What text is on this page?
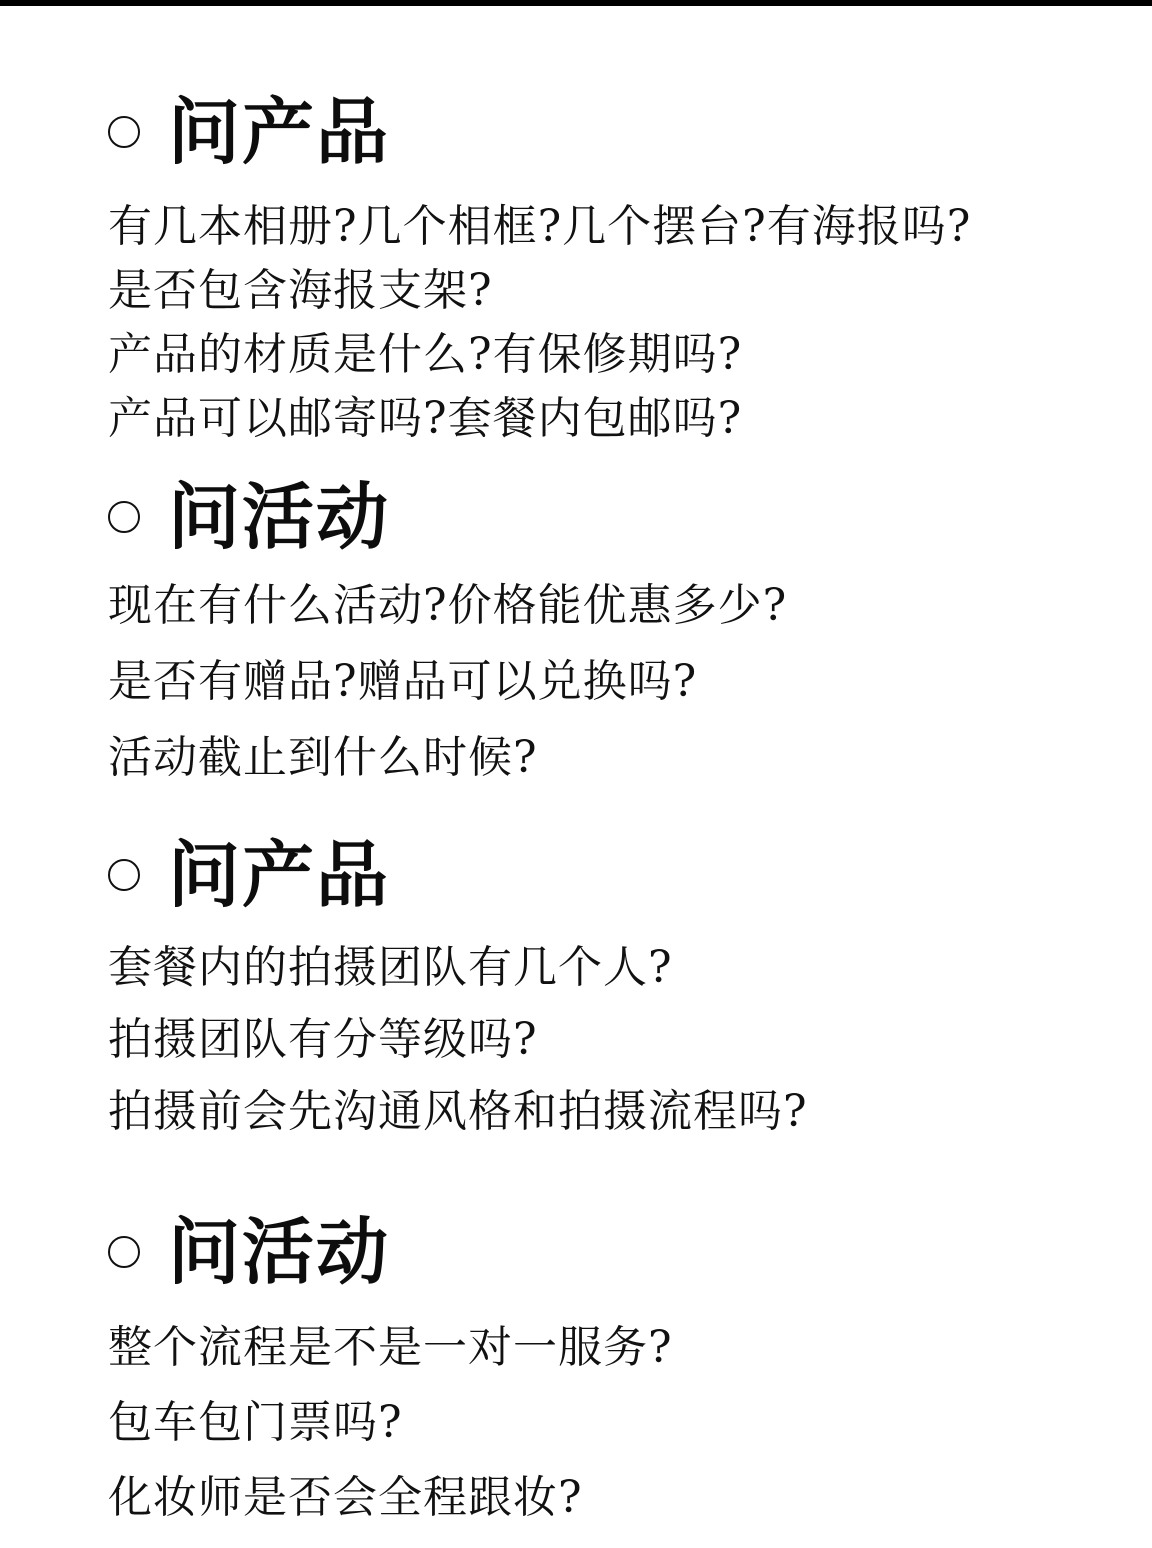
问产品
有几本相册?几个相框?几个摆台?有海报吗?
是否包含海报支架?
产品的材质是什么?有保修期吗?
产品可以邮寄吗?套餐内包邮吗?
问活动
现在有什么活动?价格能优惠多少?
是否有赠品?赠品可以兑换吗?
活动截止到什么时候?
问产品
套餐内的拍摄团队有几个人?
拍摄团队有分等级吗?
拍摄前会先沟通风格和拍摄流程吗?
问活动
整个流程是不是一对一服务?
包车包门票吗?
化妆师是否会全程跟妆?
